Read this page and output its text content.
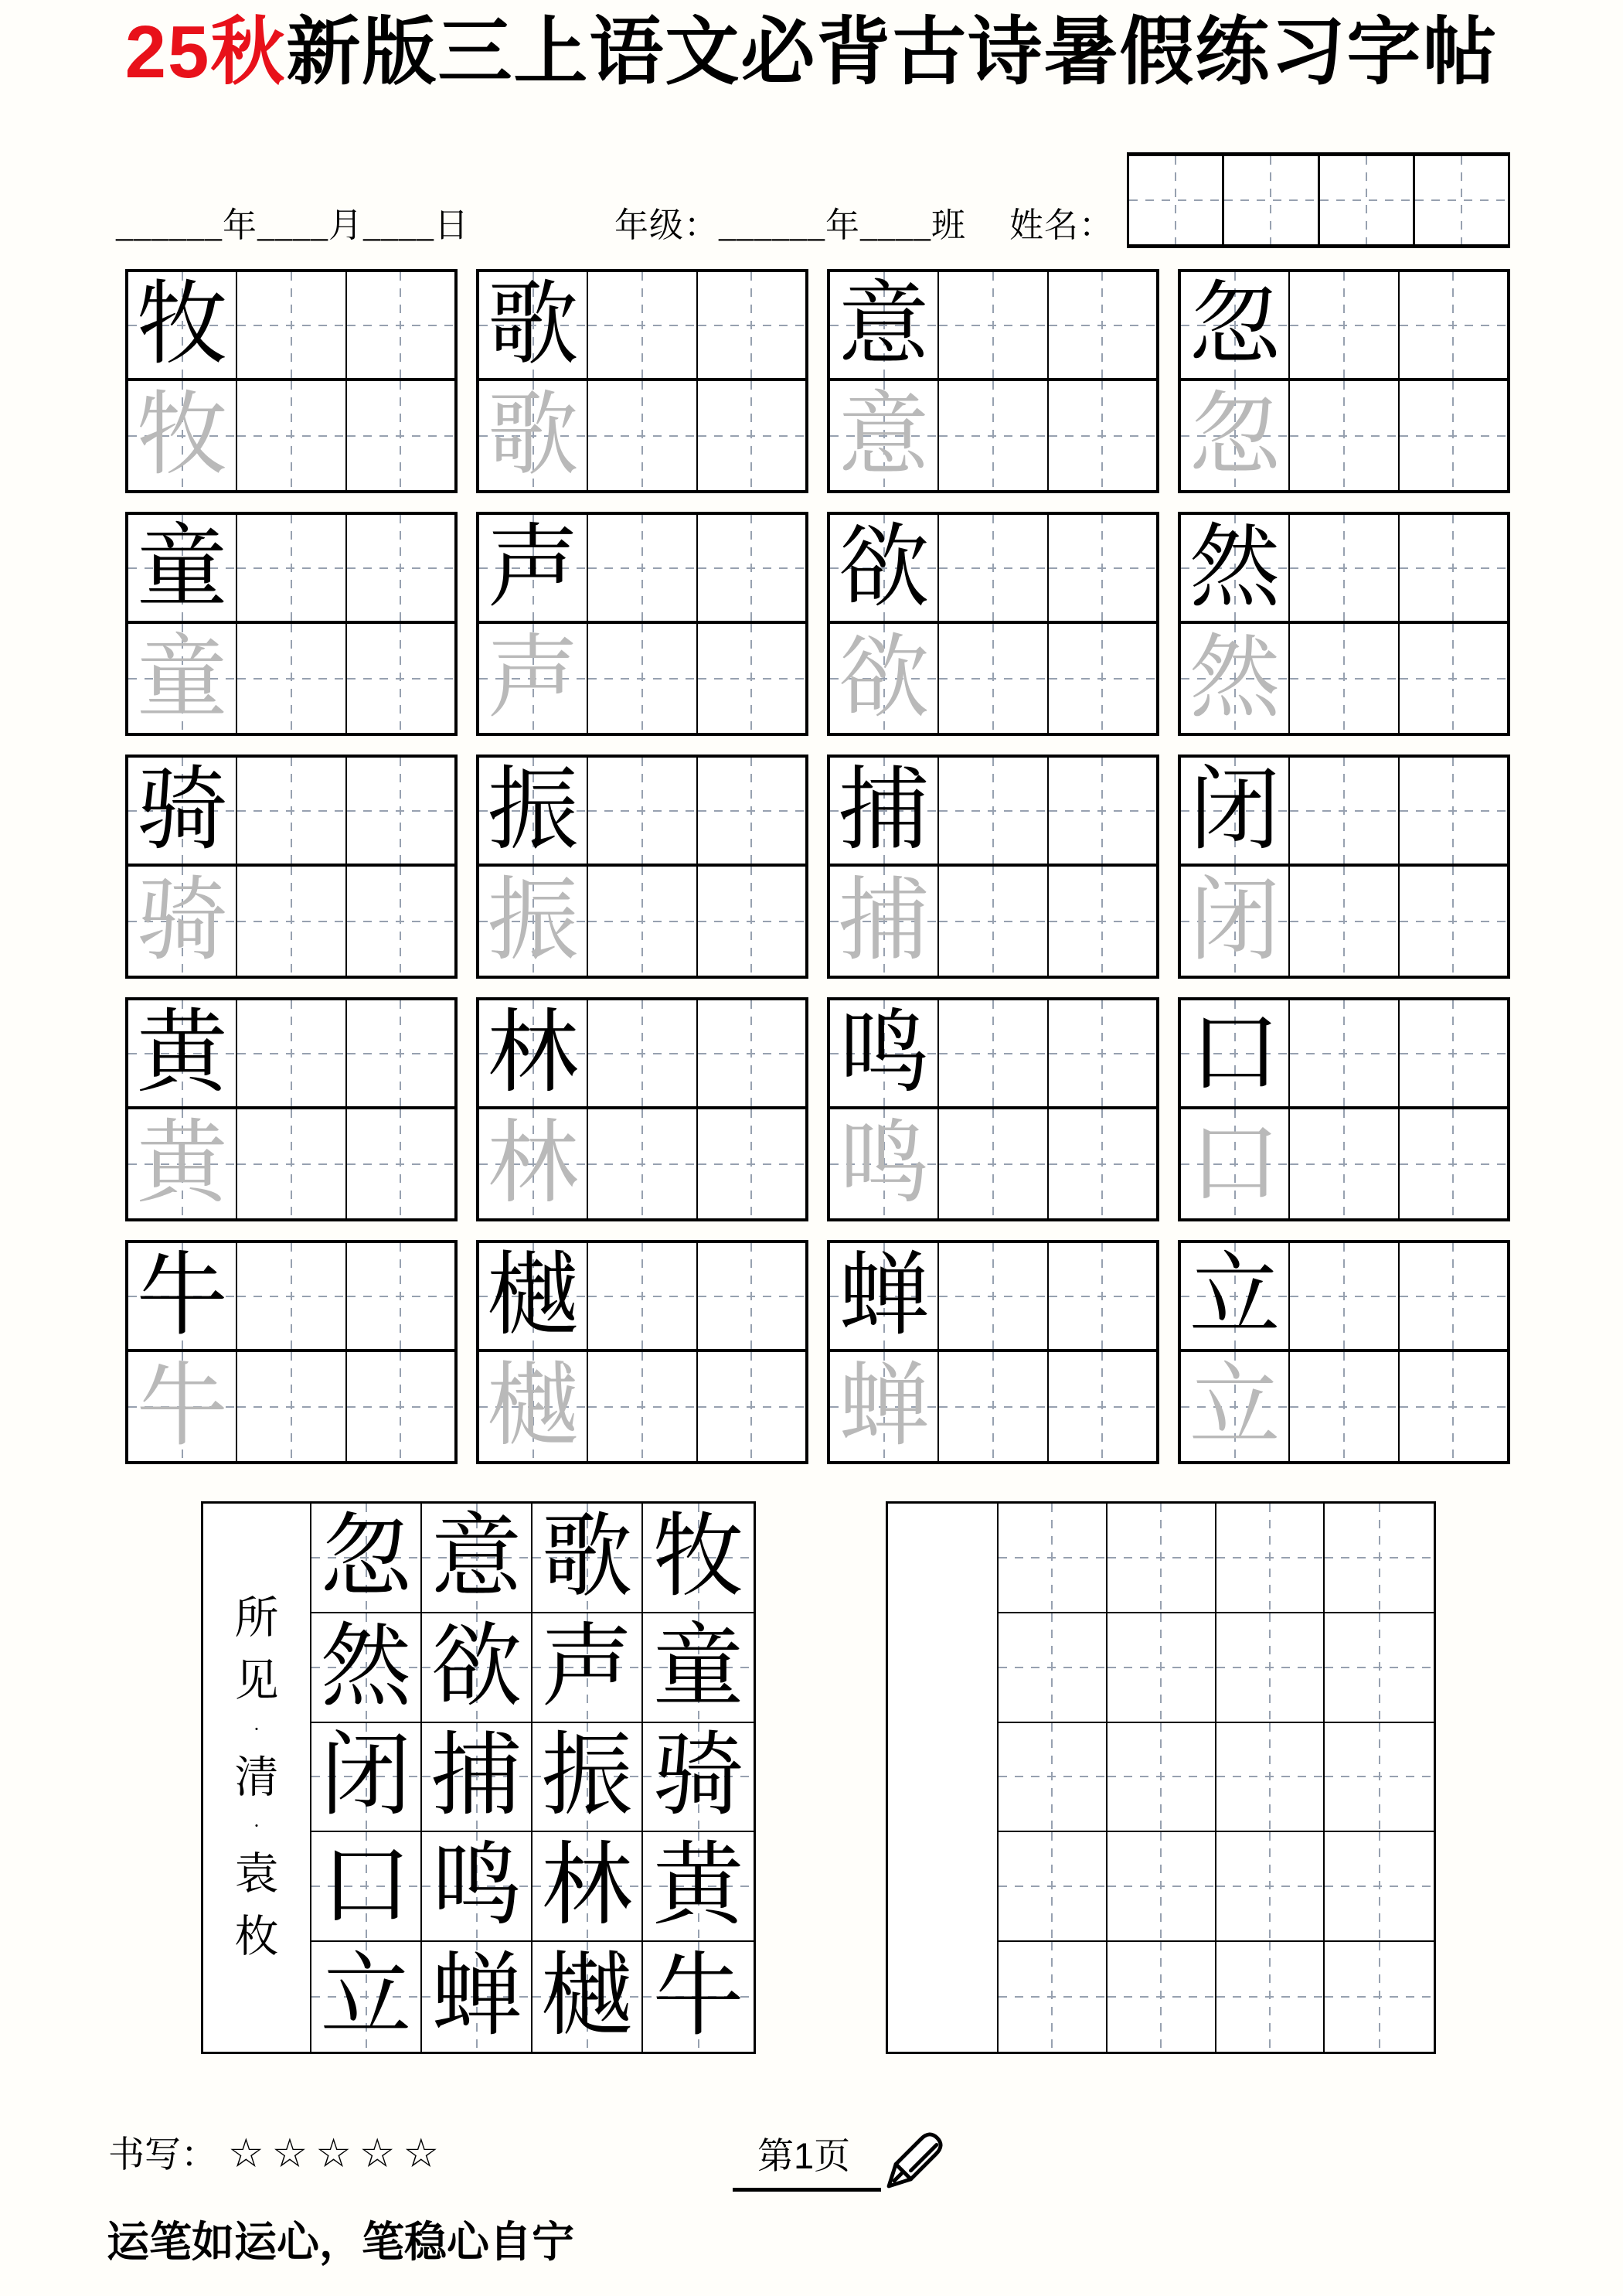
25秋新版三上语文必背古诗暑假练习字帖
______年____月____日	年级：______年____班 姓名：
牧
牧
歌
歌
意
意
忽
忽
童
童
声
声
欲
欲
然
然
骑
骑
振
振
捕
捕
闭
闭
黄
黄
林
林
鸣
鸣
口
口
牛
牛
樾
樾
蝉
蝉
立
立
所
见
·
清
·
袁
枚
忽 意 歌 牧
然 欲 声 童
闭 捕 振 骑
口 鸣 林 黄
立 蝉 樾 牛
书写： ☆☆☆☆☆	第1页
运笔如运心，笔稳心自宁
